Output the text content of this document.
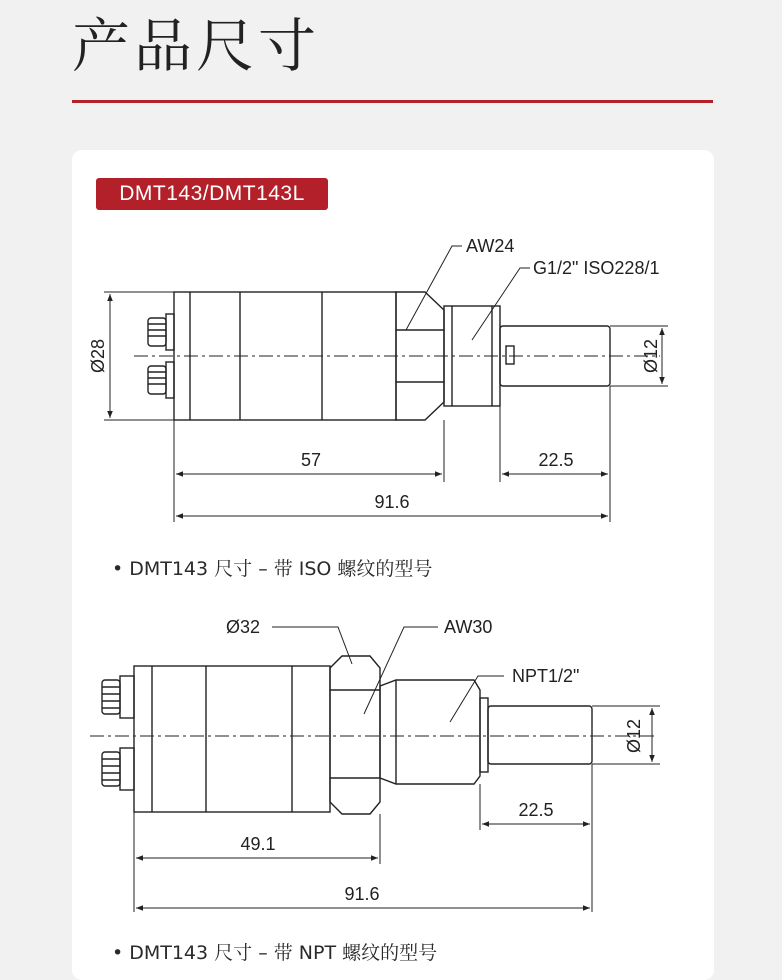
产品尺寸
DMT143/DMT143L
Ø28	Ø12
AW24
G1/2" ISO228/1
57	22.5
91.6
Ø32	AW30
NPT1/2"
Ø12
22.5
49.1
91.6
• DMT143 尺寸 – 带 ISO 螺纹的型号
• DMT143 尺寸 – 带 NPT 螺纹的型号
